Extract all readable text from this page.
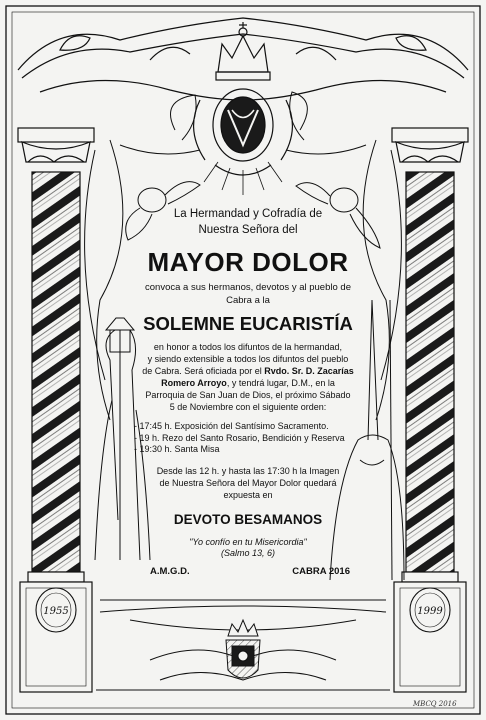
1955	1999

La Hermandad y Cofradía de
Nuestra Señora del

MAYOR DOLOR

convoca a sus hermanos, devotos y al pueblo de
Cabra a la

SOLEMNE EUCARISTÍA

en honor a todos los difuntos de la hermandad,
y siendo extensible a todos los difuntos del pueblo
de Cabra. Será oficiada por el Rvdo. Sr. D. Zacarías
Romero Arroyo, y tendrá lugar, D.M., en la
Parroquia de San Juan de Dios, el próximo Sábado
5 de Noviembre con el siguiente orden:

- 17:45 h. Exposición del Santísimo Sacramento.
- 19 h. Rezo del Santo Rosario, Bendición y Reserva
- 19:30 h. Santa Misa

Desde las 12 h. y hasta las 17:30 h la Imagen
de Nuestra Señora del Mayor Dolor quedará
expuesta en

DEVOTO BESAMANOS

"Yo confío en tu Misericordia"
(Salmo 13, 6)

A.M.G.D.	CABRA 2016
MBCQ 2016
